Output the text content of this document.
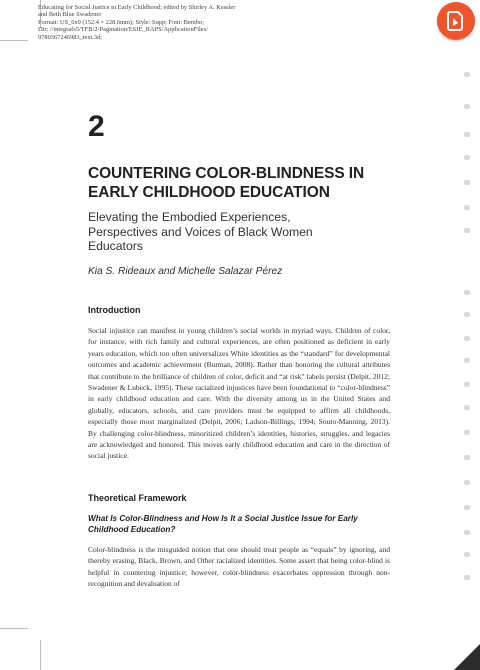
Educating for Social Justice in Early Childhood; edited by Shirley A. Kessler
and Beth Blue Swadener
Format: US_6x9 (152.4 × 228.6mm); Style: Supp; Font: Bembo;
Dir: //integrafs5/TFB/2-Pagination/ESJE_RAPS/ApplicationFiles/
9780367246983_text.3d;
2
COUNTERING COLOR-BLINDNESS IN EARLY CHILDHOOD EDUCATION
Elevating the Embodied Experiences, Perspectives and Voices of Black Women Educators
Kia S. Rideaux and Michelle Salazar Pérez
Introduction
Social injustice can manifest in young children’s social worlds in myriad ways. Children of color, for instance, with rich family and cultural experiences, are often positioned as deficient in early years education, which too often universalizes White identities as the “standard” for developmental outcomes and academic achievement (Burman, 2008). Rather than honoring the cultural attributes that contribute to the brilliance of children of color, deficit and “at risk” labels persist (Delpit, 2012; Swadener & Lubeck, 1995). These racialized injustices have been foundational to “color-blindness” in early childhood education and care. With the diversity among us in the United States and globally, educators, schools, and care providers must be equipped to affirm all childhoods, especially those most marginalized (Delpit, 2006; Ladson-Billings, 1994; Souto-Manning, 2013). By challenging color-blindness, minoritized children’s identities, histories, struggles, and legacies are acknowledged and honored. This moves early childhood education and care in the direction of social justice.
Theoretical Framework
What Is Color-Blindness and How Is It a Social Justice Issue for Early Childhood Education?
Color-blindness is the misguided notion that one should treat people as “equals” by ignoring, and thereby erasing, Black, Brown, and Other racialized identities. Some assert that being color-blind is helpful in countering injustice; however, color-blindness exacerbates oppression through non-recognition and devaluation of
